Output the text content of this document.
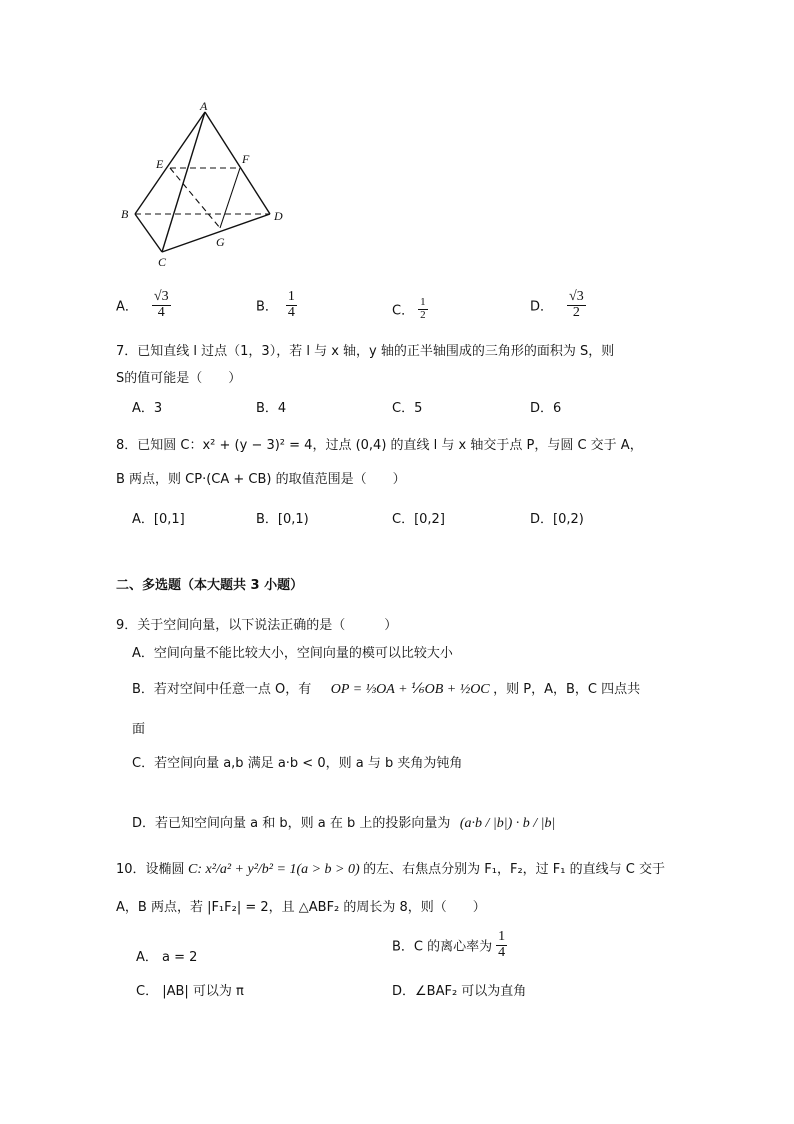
A
E	F
B	D
G
C
A． $\frac{√3}{4}$	B． $\frac{1}{4}$	C． $\frac{1}{2}$	D． $\frac{√3}{2}$
7．已知直线 l 过点（1，3），若 l 与 x 轴，y 轴的正半轴围成的三角形的面积为 S，则
S的值可能是（　　）
A．3	B．4	C．5	D．6
8．已知圆 C：x² + (y − 3)² = 4，过点 (0,4) 的直线 l 与 x 轴交于点 P，与圆 C 交于 A，
B 两点，则 CP·(CA + CB) 的取值范围是（　　）
A．[0,1]	B．[0,1)	C．[0,2]	D．[0,2)
二、多选题（本大题共 3 小题）
9．关于空间向量，以下说法正确的是（　　　）
A．空间向量不能比较大小，空间向量的模可以比较大小
B．若对空间中任意一点 O，有 OP = ⅓OA + ⅙OB + ½OC ，则 P，A，B，C 四点共
面
C．若空间向量 a,b 满足 a·b < 0，则 a 与 b 夹角为钝角
D．若已知空间向量 a 和 b，则 a 在 b 上的投影向量为 (a·b / |b|) · b / |b|
10．设椭圆 C: x²/a² + y²/b² = 1(a > b > 0) 的左、右焦点分别为 F₁，F₂，过 F₁ 的直线与 C 交于
A，B 两点，若 |F₁F₂| = 2，且 △ABF₂ 的周长为 8，则（　　）
A． a = 2
B．C 的离心率为 $\frac{1}{4}$
C． |AB| 可以为 π	D．∠BAF₂ 可以为直角
